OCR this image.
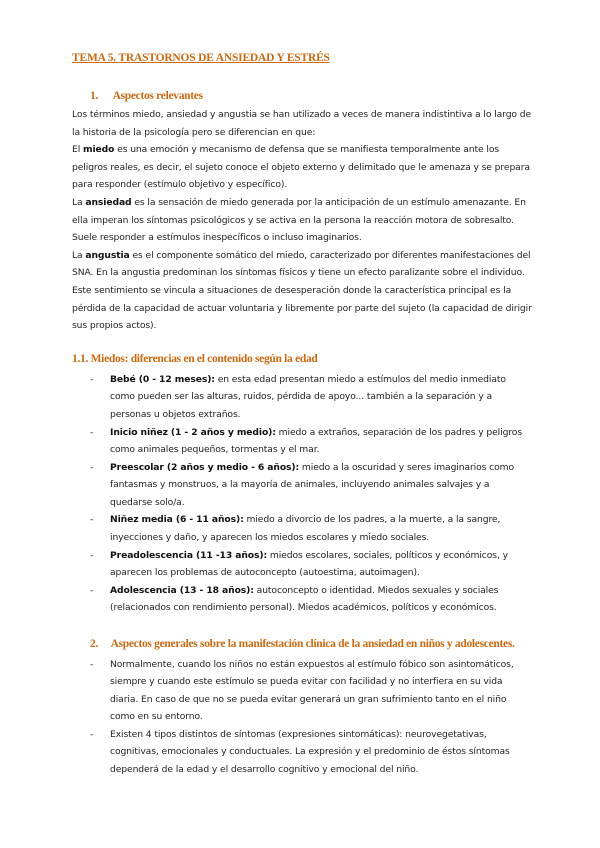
TEMA 5. TRASTORNOS DE ANSIEDAD Y ESTRÉS
1. Aspectos relevantes

Los términos miedo, ansiedad y angustia se han utilizado a veces de manera indistintiva a lo largo de la historia de la psicología pero se diferencian en que:

El miedo es una emoción y mecanismo de defensa que se manifiesta temporalmente ante los peligros reales, es decir, el sujeto conoce el objeto externo y delimitado que le amenaza y se prepara para responder (estímulo objetivo y específico).

La ansiedad es la sensación de miedo generada por la anticipación de un estímulo amenazante. En ella imperan los síntomas psicológicos y se activa en la persona la reacción motora de sobresalto. Suele responder a estímulos inespecíficos o incluso imaginarios.

La angustia es el componente somático del miedo, caracterizado por diferentes manifestaciones del SNA. En la angustia predominan los síntomas físicos y tiene un efecto paralizante sobre el individuo. Este sentimiento se vincula a situaciones de desesperación donde la característica principal es la pérdida de la capacidad de actuar voluntaria y libremente por parte del sujeto (la capacidad de dirigir sus propios actos).

1.1. Miedos: diferencias en el contenido según la edad
- Bebé (0 - 12 meses): en esta edad presentan miedo a estímulos del medio inmediato como pueden ser las alturas, ruidos, pérdida de apoyo... también a la separación y a personas u objetos extraños.
- Inicio niñez (1 - 2 años y medio): miedo a extraños, separación de los padres y peligros como animales pequeños, tormentas y el mar.
- Preescolar (2 años y medio - 6 años): miedo a la oscuridad y seres imaginarios como fantasmas y monstruos, a la mayoría de animales, incluyendo animales salvajes y a quedarse solo/a.
- Niñez media (6 - 11 años): miedo a divorcio de los padres, a la muerte, a la sangre, inyecciones y daño, y aparecen los miedos escolares y miedo sociales.
- Preadolescencia (11 -13 años): miedos escolares, sociales, políticos y económicos, y aparecen los problemas de autoconcepto (autoestima, autoimagen).
- Adolescencia (13 - 18 años): autoconcepto o identidad. Miedos sexuales y sociales (relacionados con rendimiento personal). Miedos académicos, políticos y económicos.
2. Aspectos generales sobre la manifestación clínica de la ansiedad en niños y adolescentes.
- Normalmente, cuando los niños no están expuestos al estímulo fóbico son asintomáticos, siempre y cuando este estímulo se pueda evitar con facilidad y no interfiera en su vida diaria. En caso de que no se pueda evitar generará un gran sufrimiento tanto en el niño como en su entorno.
- Existen 4 tipos distintos de síntomas (expresiones sintomáticas): neurovegetativas, cognitivas, emocionales y conductuales. La expresión y el predominio de éstos síntomas dependerá de la edad y el desarrollo cognitivo y emocional del niño.
